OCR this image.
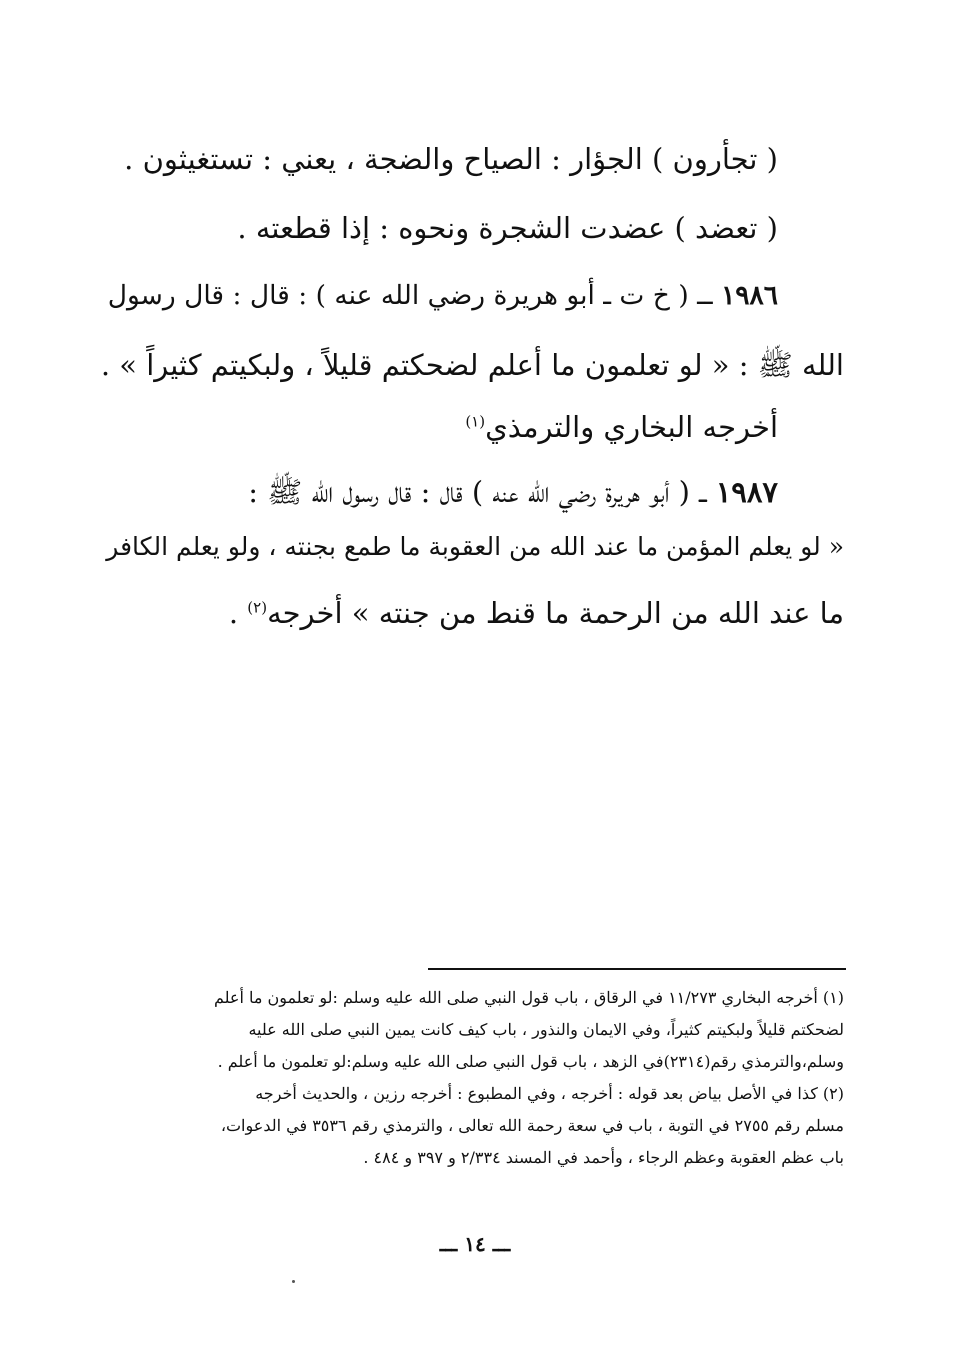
( تجأرون ) الجؤار : الصياح والضجة ، يعني : تستغيثون .
( تعضد ) عضدت الشجرة ونحوه : إذا قطعته .
١٩٨٦ ــ ( خ ت ـ أبو هريرة رضي الله عنه ) : قال : قال رسول
الله ﷺ : « لو تعلمون ما أعلم لضحكتم قليلاً ، ولبكيتم كثيراً » .
أخرجه البخاري والترمذي$^{(١)}$
١٩٨٧ ــ ( أبو هريرة رضي الله عنه ) قال : قال رسول الله ﷺ :
« لو يعلم المؤمن ما عند الله من العقوبة ما طمع بجنته ، ولو يعلم الكافر
ما عند الله من الرحمة ما قنط من جنته » أخرجه$^{(٢)}$ .
(١) أخرجه البخاري ١١/٢٧٣ في الرقاق ، باب قول النبي صلى الله عليه وسلم :لو تعلمون ما أعلم
لضحكتم قليلاً ولبكيتم كثيراً، وفي الايمان والنذور ، باب كيف كانت يمين النبي صلى الله عليه
وسلم،والترمذي رقم(٢٣١٤)في الزهد ، باب قول النبي صلى الله عليه وسلم:لو تعلمون ما أعلم .
(٢) كذا في الأصل بياض بعد قوله : أخرجه ، وفي المطبوع : أخرجه رزين ، والحديث أخرجه
مسلم رقم ٢٧٥٥ في التوبة ، باب في سعة رحمة الله تعالى ، والترمذي رقم ٣٥٣٦ في الدعوات،
باب عظم العقوبة وعظم الرجاء ، وأحمد في المسند ٢/٣٣٤ و ٣٩٧ و ٤٨٤ .
ـــ ١٤ ـــ
